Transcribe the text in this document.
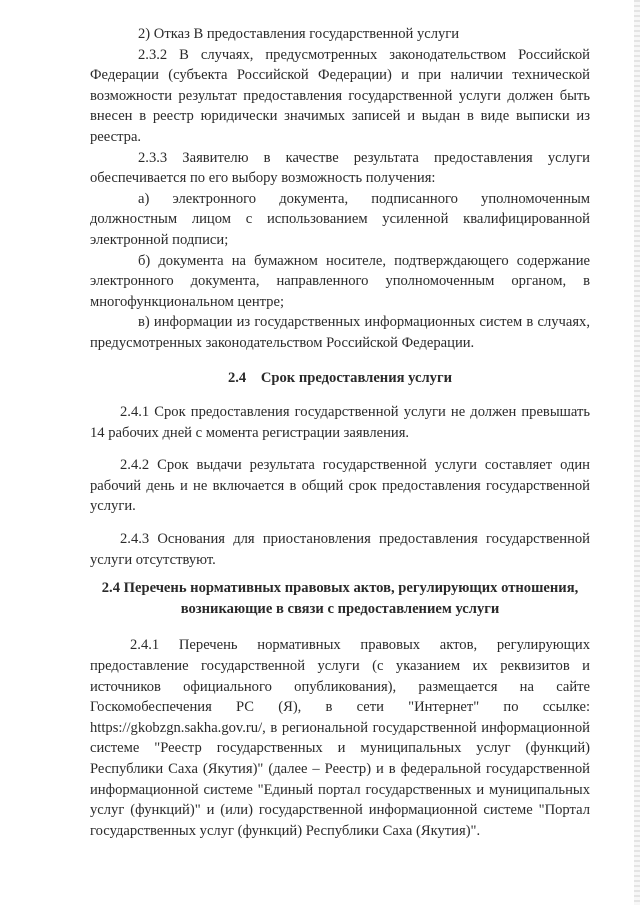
2) Отказ В предоставления государственной услуги

2.3.2 В случаях, предусмотренных законодательством Российской Федерации (субъекта Российской Федерации) и при наличии технической возможности результат предоставления государственной услуги должен быть внесен в реестр юридически значимых записей и выдан в виде выписки из реестра.

2.3.3 Заявителю в качестве результата предоставления услуги обеспечивается по его выбору возможность получения:

а) электронного документа, подписанного уполномоченным должностным лицом с использованием усиленной квалифицированной электронной подписи;

б) документа на бумажном носителе, подтверждающего содержание электронного документа, направленного уполномоченным органом, в многофункциональном центре;

в) информации из государственных информационных систем в случаях, предусмотренных законодательством Российской Федерации.

2.4    Срок предоставления услуги

2.4.1 Срок предоставления государственной услуги не должен превышать 14 рабочих дней с момента регистрации заявления.

2.4.2 Срок выдачи результата государственной услуги составляет один рабочий день и не включается в общий срок предоставления государственной услуги.

2.4.3 Основания для приостановления предоставления государственной услуги отсутствуют.

2.4 Перечень нормативных правовых актов, регулирующих отношения, возникающие в связи с предоставлением услуги

2.4.1 Перечень нормативных правовых актов, регулирующих предоставление государственной услуги (с указанием их реквизитов и источников официального опубликования), размещается на сайте Госкомобеспечения РС (Я), в сети "Интернет" по ссылке: https://gkobzgn.sakha.gov.ru/, в региональной государственной информационной системе "Реестр государственных и муниципальных услуг (функций) Республики Саха (Якутия)" (далее – Реестр) и в федеральной государственной информационной системе "Единый портал государственных и муниципальных услуг (функций)" и (или) государственной информационной системе "Портал государственных услуг (функций) Республики Саха (Якутия)".
